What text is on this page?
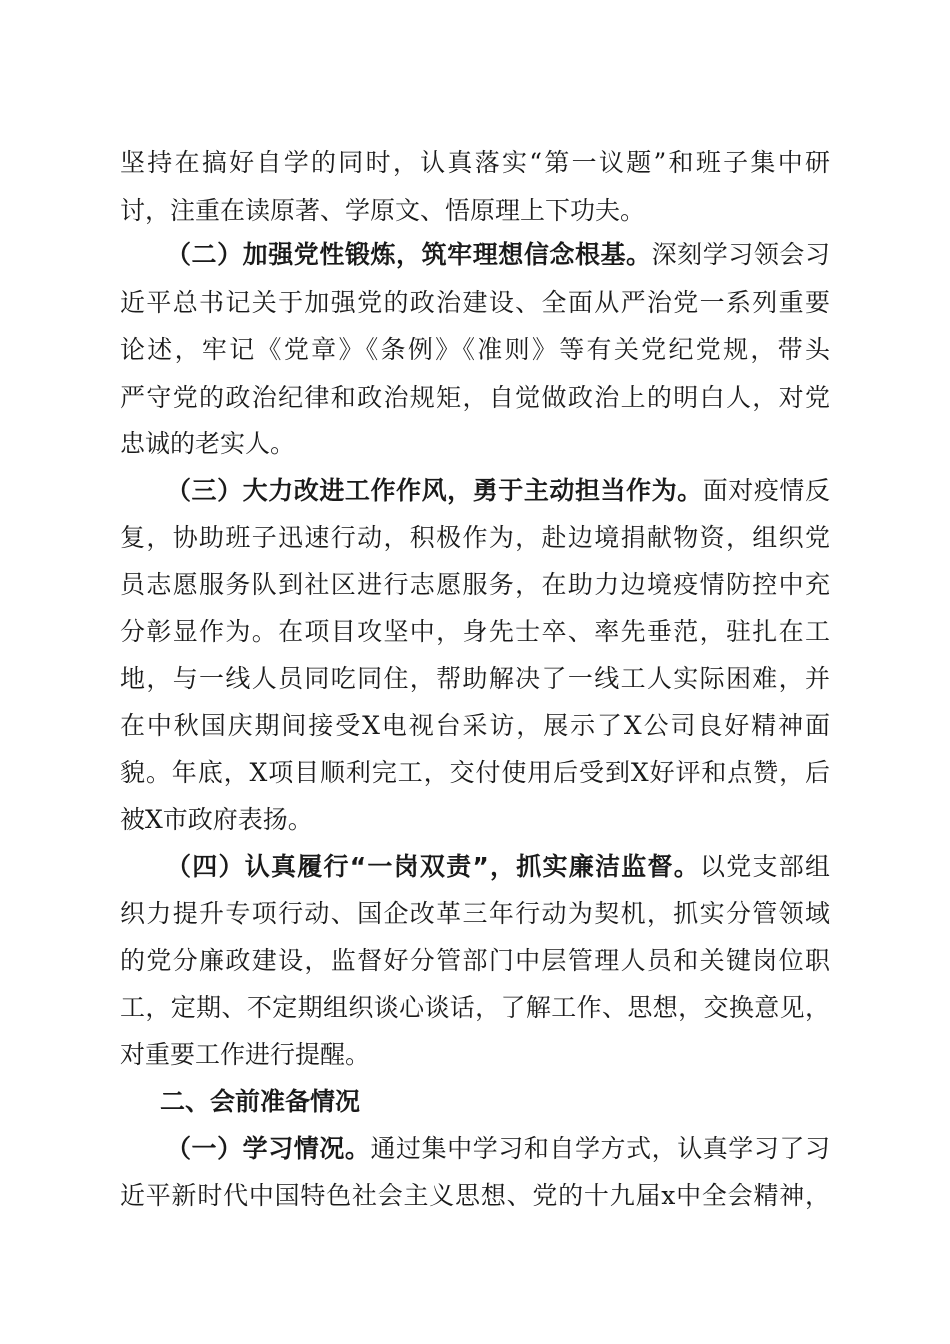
坚持在搞好自学的同时，认真落实“第一议题”和班子集中研
讨，注重在读原著、学原文、悟原理上下功夫。
（二）加强党性锻炼，筑牢理想信念根基。深刻学习领会习
近平总书记关于加强党的政治建设、全面从严治党一系列重要
论述，牢记《党章》《条例》《准则》等有关党纪党规，带头
严守党的政治纪律和政治规矩，自觉做政治上的明白人，对党
忠诚的老实人。
（三）大力改进工作作风，勇于主动担当作为。面对疫情反
复，协助班子迅速行动，积极作为，赴边境捐献物资，组织党
员志愿服务队到社区进行志愿服务，在助力边境疫情防控中充
分彰显作为。在项目攻坚中，身先士卒、率先垂范，驻扎在工
地，与一线人员同吃同住，帮助解决了一线工人实际困难，并
在中秋国庆期间接受X电视台采访，展示了X公司良好精神面
貌。年底，X项目顺利完工，交付使用后受到X好评和点赞，后
被X市政府表扬。
（四）认真履行“一岗双责”，抓实廉洁监督。以党支部组
织力提升专项行动、国企改革三年行动为契机，抓实分管领域
的党分廉政建设，监督好分管部门中层管理人员和关键岗位职
工，定期、不定期组织谈心谈话，了解工作、思想，交换意见，
对重要工作进行提醒。
二、会前准备情况
（一）学习情况。通过集中学习和自学方式，认真学习了习
近平新时代中国特色社会主义思想、党的十九届x中全会精神，
